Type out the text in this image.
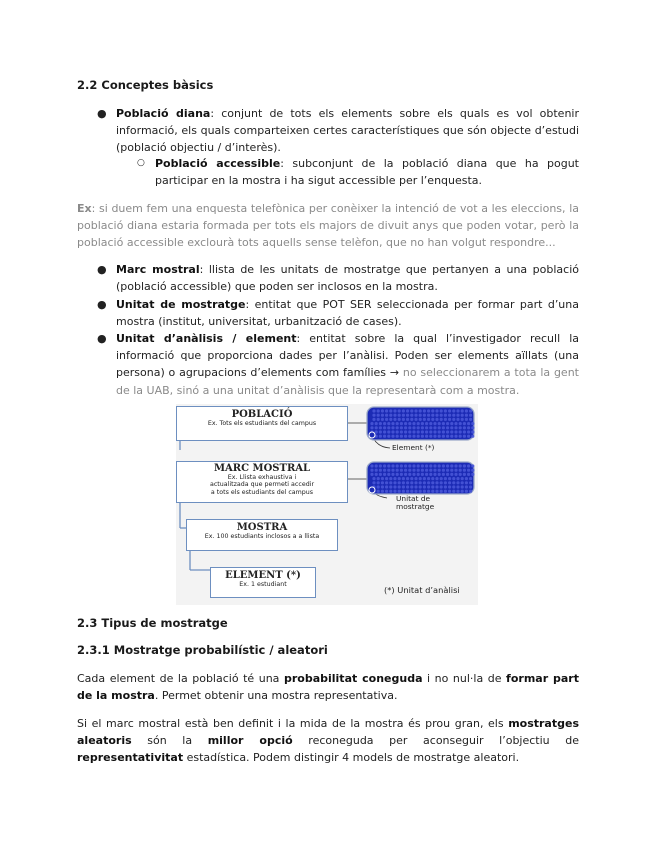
2.2 Conceptes bàsics
● Població diana: conjunt de tots els elements sobre els quals es vol obtenir informació, els quals comparteixen certes característiques que són objecte d’estudi (població objectiu / d’interès).
○ Població accessible: subconjunt de la població diana que ha pogut participar en la mostra i ha sigut accessible per l’enquesta.
Ex: si duem fem una enquesta telefònica per conèixer la intenció de vot a les eleccions, la població diana estaria formada per tots els majors de divuit anys que poden votar, però la població accessible exclourà tots aquells sense telèfon, que no han volgut respondre...
● Marc mostral: llista de les unitats de mostratge que pertanyen a una població (població accessible) que poden ser inclosos en la mostra.
● Unitat de mostratge: entitat que POT SER seleccionada per formar part d’una mostra (institut, universitat, urbanització de cases).
● Unitat d’anàlisis / element: entitat sobre la qual l’investigador recull la informació que proporciona dades per l’anàlisi. Poden ser elements aïllats (una persona) o agrupacions d’elements com famílies → no seleccionarem a tota la gent de la UAB, sinó a una unitat d’anàlisis que la representarà com a mostra.
POBLACIÓ
Ex. Tots els estudiants del campus
MARC MOSTRAL
Ex. Llista exhaustiva i
actualitzada que permeti accedir
a tots els estudiants del campus
MOSTRA
Ex. 100 estudiants inclosos a a llista
ELEMENT (*)
Ex. 1 estudiant
Element (*)
Unitat de
mostratge
(*) Unitat d’anàlisi
2.3 Tipus de mostratge
2.3.1 Mostratge probabilístic / aleatori
Cada element de la població té una probabilitat coneguda i no nul·la de formar part de la mostra. Permet obtenir una mostra representativa.
Si el marc mostral està ben definit i la mida de la mostra és prou gran, els mostratges aleatoris són la millor opció reconeguda per aconseguir l’objectiu de representativitat estadística. Podem distingir 4 models de mostratge aleatori.
